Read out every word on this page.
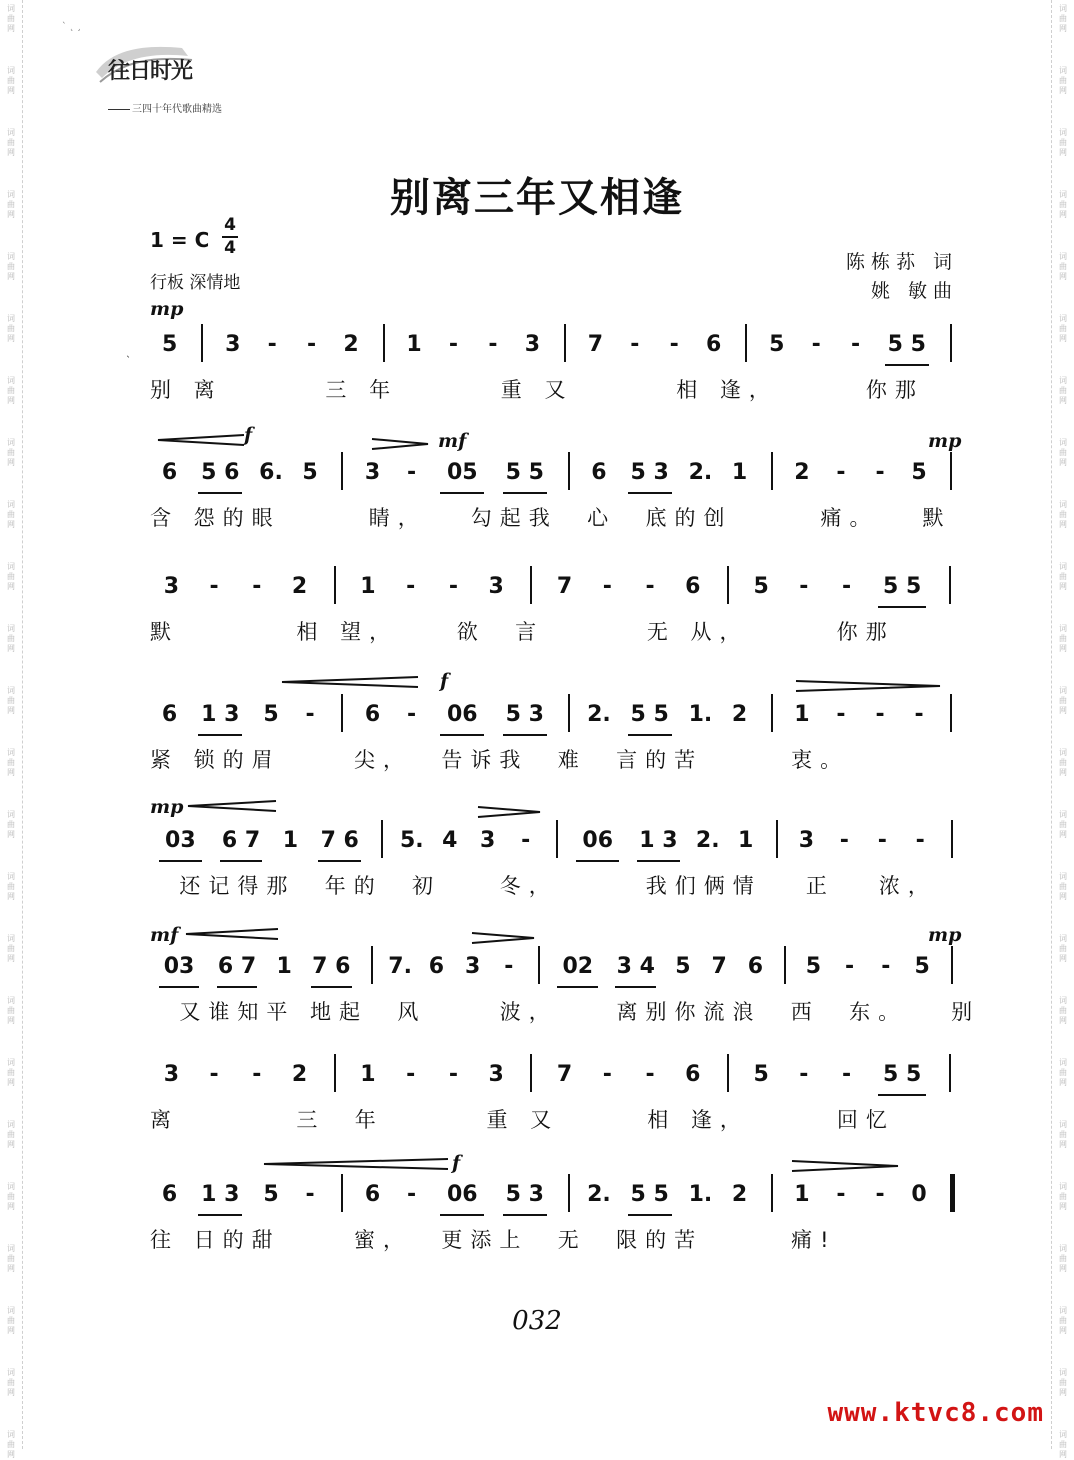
词
曲
网
词
曲
网
词
曲
网
词
曲
网
词
曲
网
词
曲
网
词
曲
网
词
曲
网
词
曲
网
词
曲
网
词
曲
网
词
曲
网
词
曲
网
词
曲
网
词
曲
网
词
曲
网
词
曲
网
词
曲
网
词
曲
网
词
曲
网
词
曲
网
词
曲
网
词
曲
网
词
曲
网
词
曲
网
词
曲
网
词
曲
网
词
曲
网
词
曲
网
词
曲
网
词
曲
网
词
曲
网
词
曲
网
词
曲
网
词
曲
网
词
曲
网
词
曲
网
词
曲
网
词
曲
网
词
曲
网
词
曲
网
词
曲
网
词
曲
网
词
曲
网
词
曲
网
词
曲
网
词
曲
网
词
曲
网
ˋ ˛ ¸
往日时光
三四十年代歌曲精选
别离三年又相逢
1 = C
4
4
行板 深情地
陈栋荪 词
姚 敏曲
ˎ
mp
f	mf	mp
f
mp
mf	mp
f
5	3	-	-	2	1	-	-	3	7	-	-	6	5	-	-	5 5
别 离       三 年       重 又       相 逢，      你那
6	5 6 6. 5	3	-	05	5 5	6	5 3 2. 1	2	-	-	5
含 怨的眼      睛，   勾起我  心  底的创      痛。   默
3	-	-	2	1	-	-	3	7	-	-	6	5	-	-	5 5
默        相 望，    欲  言       无 从，      你那
6	1 3	5	-	6	-	06	5 3	2. 5 5 1. 2	1	-	-	-
紧 锁的眉     尖，  告诉我  难  言的苦      衷。
03	6 7	1	7 6	5. 4	3	-	06	1 3 2. 1	3	-	-	-
还记得那  年的  初    冬，      我们俩情   正   浓，
03	6 7 1 7 6	7. 6 3	-	02	3 4 5 7 6	5	-	-	5
又谁知平 地起  风     波，    离别你流浪  西  东。   别
3	-	-	2	1	-	-	3	7	-	-	6	5	-	-	5 5
离        三  年       重 又      相 逢，      回忆
6	1 3	5	-	6	-	06	5 3	2. 5 5 1. 2	1	-	-	0
往 日的甜     蜜，  更添上  无  限的苦      痛!
032
www.ktvc8.com
